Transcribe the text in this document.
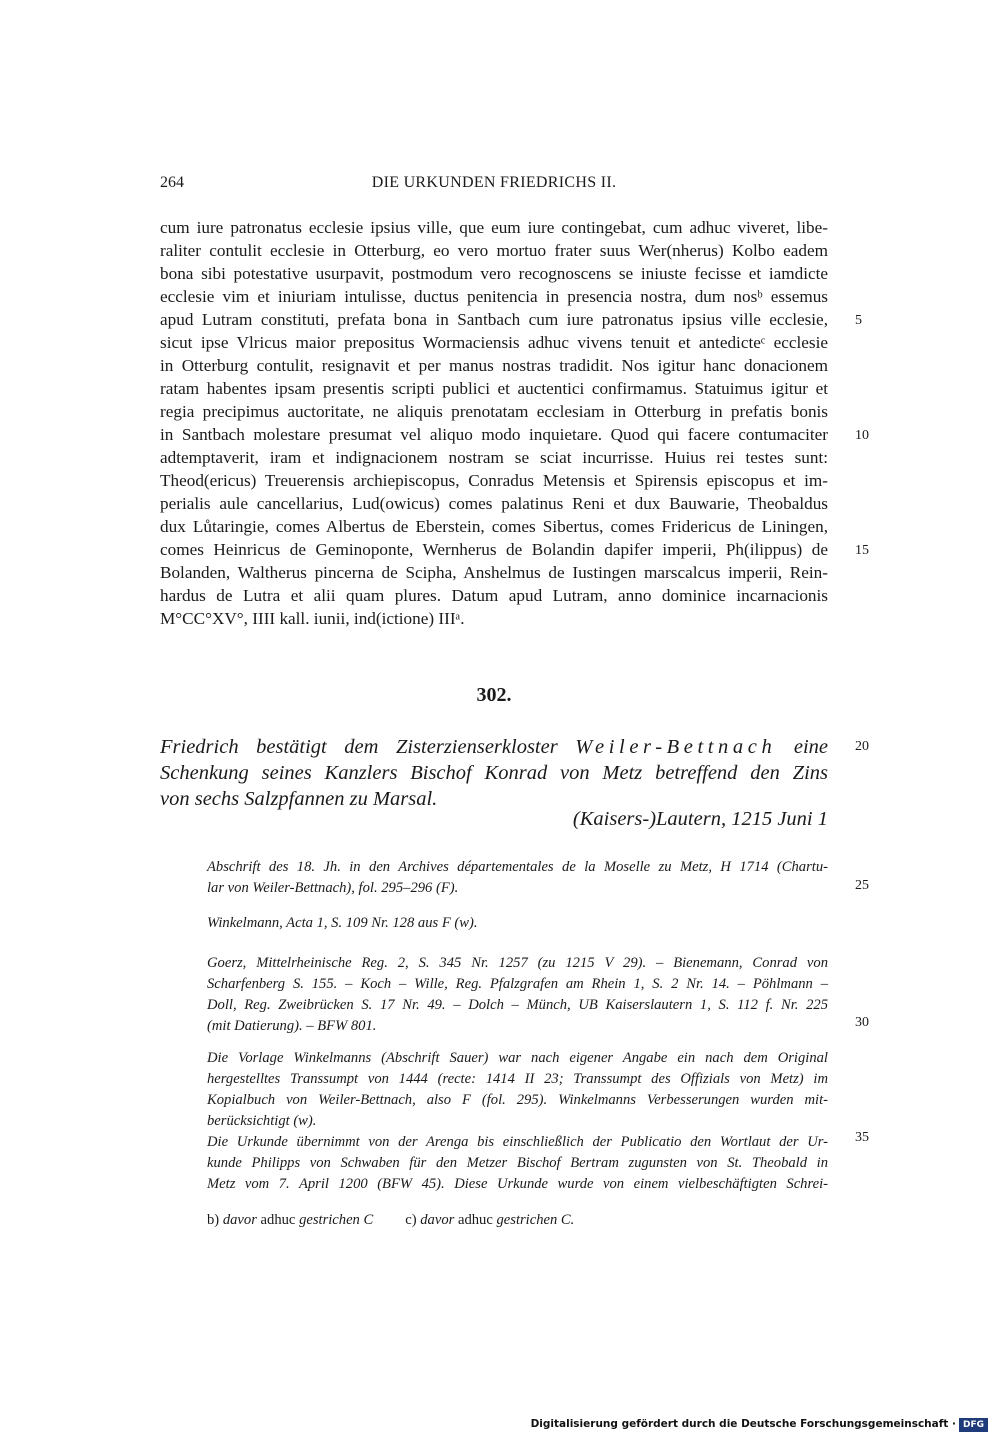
264	DIE URKUNDEN FRIEDRICHS II.
cum iure patronatus ecclesie ipsius ville, que eum iure contingebat, cum adhuc viveret, libe-
raliter contulit ecclesie in Otterburg, eo vero mortuo frater suus Wer(nherus) Kolbo eadem
bona sibi potestative usurpavit, postmodum vero recognoscens se iniuste fecisse et iamdicte
ecclesie vim et iniuriam intulisse, ductus penitencia in presencia nostra, dum nosᵇ essemus
apud Lutram constituti, prefata bona in Santbach cum iure patronatus ipsius ville ecclesie,
sicut ipse Vlricus maior prepositus Wormaciensis adhuc vivens tenuit et antedicteᶜ ecclesie
in Otterburg contulit, resignavit et per manus nostras tradidit. Nos igitur hanc donacionem
ratam habentes ipsam presentis scripti publici et auctentici confirmamus. Statuimus igitur et
regia precipimus auctoritate, ne aliquis prenotatam ecclesiam in Otterburg in prefatis bonis
in Santbach molestare presumat vel aliquo modo inquietare. Quod qui facere contumaciter
adtemptaverit, iram et indignacionem nostram se sciat incurrisse. Huius rei testes sunt:
Theod(ericus) Treuerensis archiepiscopus, Conradus Metensis et Spirensis episcopus et im-
perialis aule cancellarius, Lud(owicus) comes palatinus Reni et dux Bauwarie, Theobaldus
dux Lůtaringie, comes Albertus de Eberstein, comes Sibertus, comes Fridericus de Liningen,
comes Heinricus de Geminoponte, Wernherus de Bolandin dapifer imperii, Ph(ilippus) de
Bolanden, Waltherus pincerna de Scipha, Anshelmus de Iustingen marscalcus imperii, Rein-
hardus de Lutra et alii quam plures. Datum apud Lutram, anno dominice incarnacionis
M°CC°XV°, IIII kall. iunii, ind(ictione) IIIᵃ.
5
10
15
20
25
30
35
302.
Friedrich bestätigt dem Zisterzienserkloster Weiler-Bettnach eine
Schenkung seines Kanzlers Bischof Konrad von Metz betreffend den Zins
von sechs Salzpfannen zu Marsal.
(Kaisers-)Lautern, 1215 Juni 1
Abschrift des 18. Jh. in den Archives départementales de la Moselle zu Metz, H 1714 (Chartu-
lar von Weiler-Bettnach), fol. 295–296 (F).
Winkelmann, Acta 1, S. 109 Nr. 128 aus F (w).
Goerz, Mittelrheinische Reg. 2, S. 345 Nr. 1257 (zu 1215 V 29). – Bienemann, Conrad von
Scharfenberg S. 155. – Koch – Wille, Reg. Pfalzgrafen am Rhein 1, S. 2 Nr. 14. – Pöhlmann –
Doll, Reg. Zweibrücken S. 17 Nr. 49. – Dolch – Münch, UB Kaiserslautern 1, S. 112 f. Nr. 225
(mit Datierung). – BFW 801.
Die Vorlage Winkelmanns (Abschrift Sauer) war nach eigener Angabe ein nach dem Original
hergestelltes Transsumpt von 1444 (recte: 1414 II 23; Transsumpt des Offizials von Metz) im
Kopialbuch von Weiler-Bettnach, also F (fol. 295). Winkelmanns Verbesserungen wurden mit-
berücksichtigt (w).
Die Urkunde übernimmt von der Arenga bis einschließlich der Publicatio den Wortlaut der Ur-
kunde Philipps von Schwaben für den Metzer Bischof Bertram zugunsten von St. Theobald in
Metz vom 7. April 1200 (BFW 45). Diese Urkunde wurde von einem vielbeschäftigten Schrei-
b) davor adhuc gestrichen C c) davor adhuc gestrichen C.
Digitalisierung gefördert durch die Deutsche Forschungsgemeinschaft · DFG
